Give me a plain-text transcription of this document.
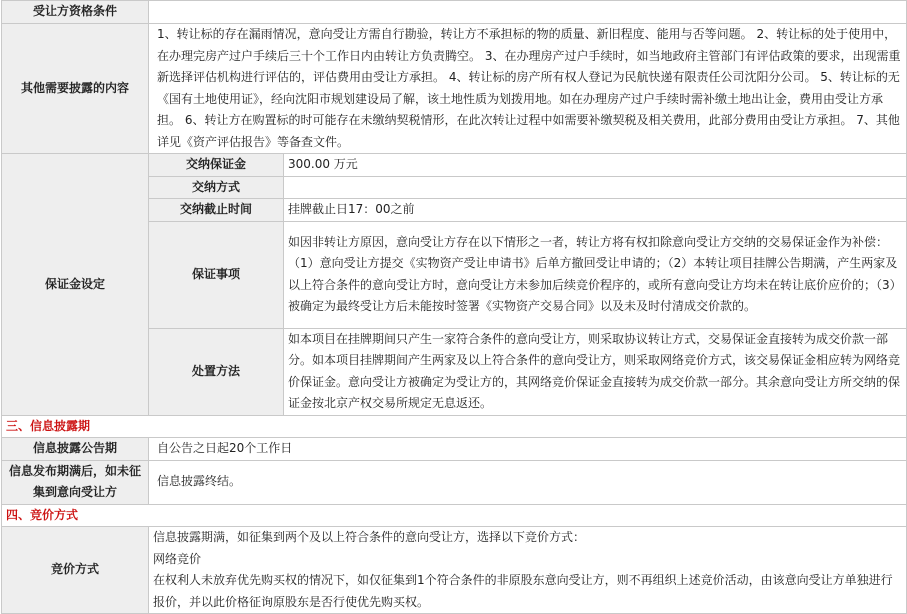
受让方资格条件		
其他需要披露的内容	1、转让标的存在漏雨情况，意向受让方需自行勘验，转让方不承担标的物的质量、新旧程度、能用与否等问题。 2、转让标的处于使用中，在办理完房产过户手续后三十个工作日内由转让方负责腾空。 3、在办理房产过户手续时，如当地政府主管部门有评估政策的要求，出现需重新选择评估机构进行评估的，评估费用由受让方承担。 4、转让标的房产所有权人登记为民航快递有限责任公司沈阳分公司。 5、转让标的无《国有土地使用证》，经向沈阳市规划建设局了解，该土地性质为划拨用地。如在办理房产过户手续时需补缴土地出让金，费用由受让方承担。 6、转让方在购置标的时可能存在未缴纳契税情形，在此次转让过程中如需要补缴契税及相关费用，此部分费用由受让方承担。 7、其他详见《资产评估报告》等备查文件。	
保证金设定	交纳保证金	300.00 万元
	交纳方式	
	交纳截止时间	挂牌截止日17：00之前
	保证事项	如因非转让方原因，意向受让方存在以下情形之一者，转让方将有权扣除意向受让方交纳的交易保证金作为补偿：（1）意向受让方提交《实物资产受让申请书》后单方撤回受让申请的；（2）本转让项目挂牌公告期满，产生两家及以上符合条件的意向受让方时，意向受让方未参加后续竞价程序的，或所有意向受让方均未在转让底价应价的；（3）被确定为最终受让方后未能按时签署《实物资产交易合同》以及未及时付清成交价款的。
	处置方法	如本项目在挂牌期间只产生一家符合条件的意向受让方，则采取协议转让方式，交易保证金直接转为成交价款一部分。如本项目挂牌期间产生两家及以上符合条件的意向受让方，则采取网络竞价方式，该交易保证金相应转为网络竞价保证金。意向受让方被确定为受让方的，其网络竞价保证金直接转为成交价款一部分。其余意向受让方所交纳的保证金按北京产权交易所规定无息返还。
三、信息披露期		
信息披露公告期	自公告之日起20个工作日	
信息发布期满后，如未征集到意向受让方	信息披露终结。	
四、竞价方式		
竞价方式	信息披露期满，如征集到两个及以上符合条件的意向受让方，选择以下竞价方式：
网络竞价
在权利人未放弃优先购买权的情况下，如仅征集到1个符合条件的非原股东意向受让方，则不再组织上述竞价活动，由该意向受让方单独进行报价，并以此价格征询原股东是否行使优先购买权。	
